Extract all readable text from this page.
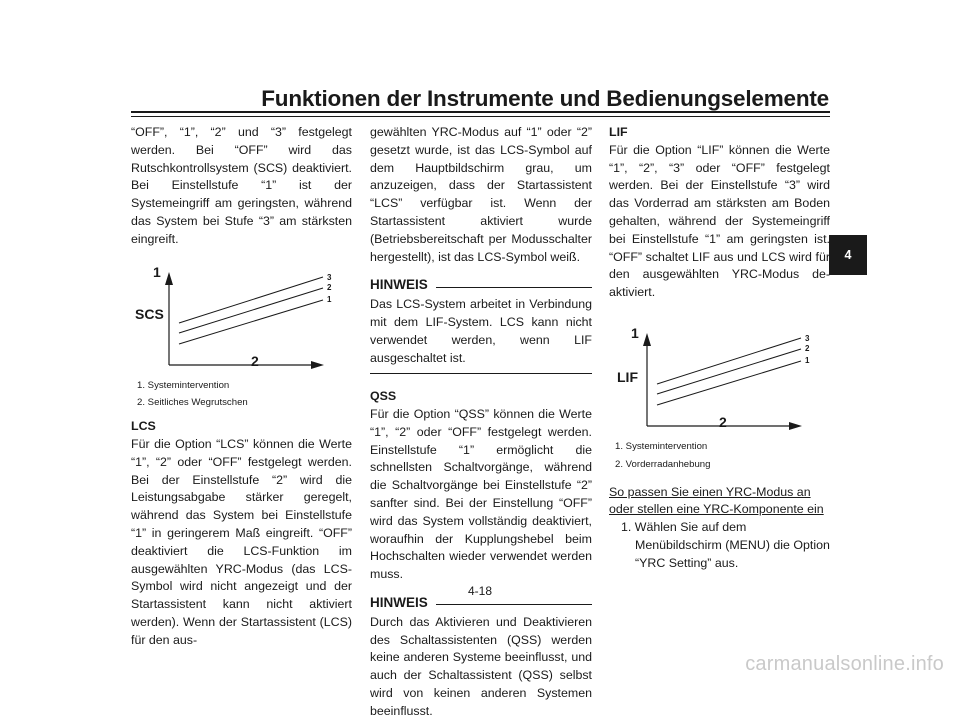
Funktionen der Instrumente und Bedienungselemente
4

“OFF”, “1”, “2” und “3” festgelegt werden. Bei “OFF” wird das Rutschkontrollsystem (SCS) deaktiviert. Bei Einstellstufe “1” ist der Systemeingriff am geringsten, während das System bei Stufe “3” am stärksten eingreift.

1
2
SCS
3
2
1
1. Systemintervention
2. Seitliches Wegrutschen

LCS

Für die Option “LCS” können die Werte “1”, “2” oder “OFF” festgelegt werden. Bei der Einstellstufe “2” wird die Leistungsabgabe stärker geregelt, während das System bei Einstellstufe “1” in geringerem Maß eingreift. “OFF” deaktiviert die LCS-Funktion im ausgewählten YRC-Modus (das LCS-Symbol wird nicht angezeigt und der Startassistent kann nicht aktiviert werden). Wenn der Startassistent (LCS) für den aus-

gewählten YRC-Modus auf “1” oder “2” gesetzt wurde, ist das LCS-Symbol auf dem Hauptbildschirm grau, um anzuzeigen, dass der Startassistent “LCS” verfügbar ist. Wenn der Startassistent aktiviert wurde (Betriebsbereitschaft per Modusschalter hergestellt), ist das LCS-Symbol weiß.

HINWEIS

Das LCS-System arbeitet in Verbindung mit dem LIF-System. LCS kann nicht verwendet werden, wenn LIF ausgeschaltet ist.

QSS

Für die Option “QSS” können die Werte “1”, “2” oder “OFF” festgelegt werden. Einstellstufe “1” ermöglicht die schnellsten Schaltvorgänge, während die Schaltvorgänge bei Einstellstufe “2” sanfter sind. Bei der Einstellung “OFF” wird das System vollständig deaktiviert, woraufhin der Kupplungshebel beim Hochschalten wieder verwendet werden muss.

HINWEIS

Durch das Aktivieren und Deaktivieren des Schaltassistenten (QSS) werden keine anderen Systeme beeinflusst, und auch der Schaltassistent (QSS) selbst wird von keinen anderen Systemen beeinflusst.

LIF

Für die Option “LIF” können die Werte “1”, “2”, “3” oder “OFF” festgelegt werden. Bei der Einstellstufe “3” wird das Vorderrad am stärksten am Boden gehalten, während der Systemeingriff bei Einstellstufe “1” am geringsten ist. “OFF” schaltet LIF aus und LCS wird für den ausgewählten YRC-Modus deaktiviert.

1
2
LIF
3
2
1
1. Systemintervention
2. Vorderradanhebung

So passen Sie einen YRC-Modus an oder stellen eine YRC-Komponente ein

1. Wählen Sie auf dem Menübildschirm (MENU) die Option “YRC Setting” aus.

4-18
carmanualsonline.info
